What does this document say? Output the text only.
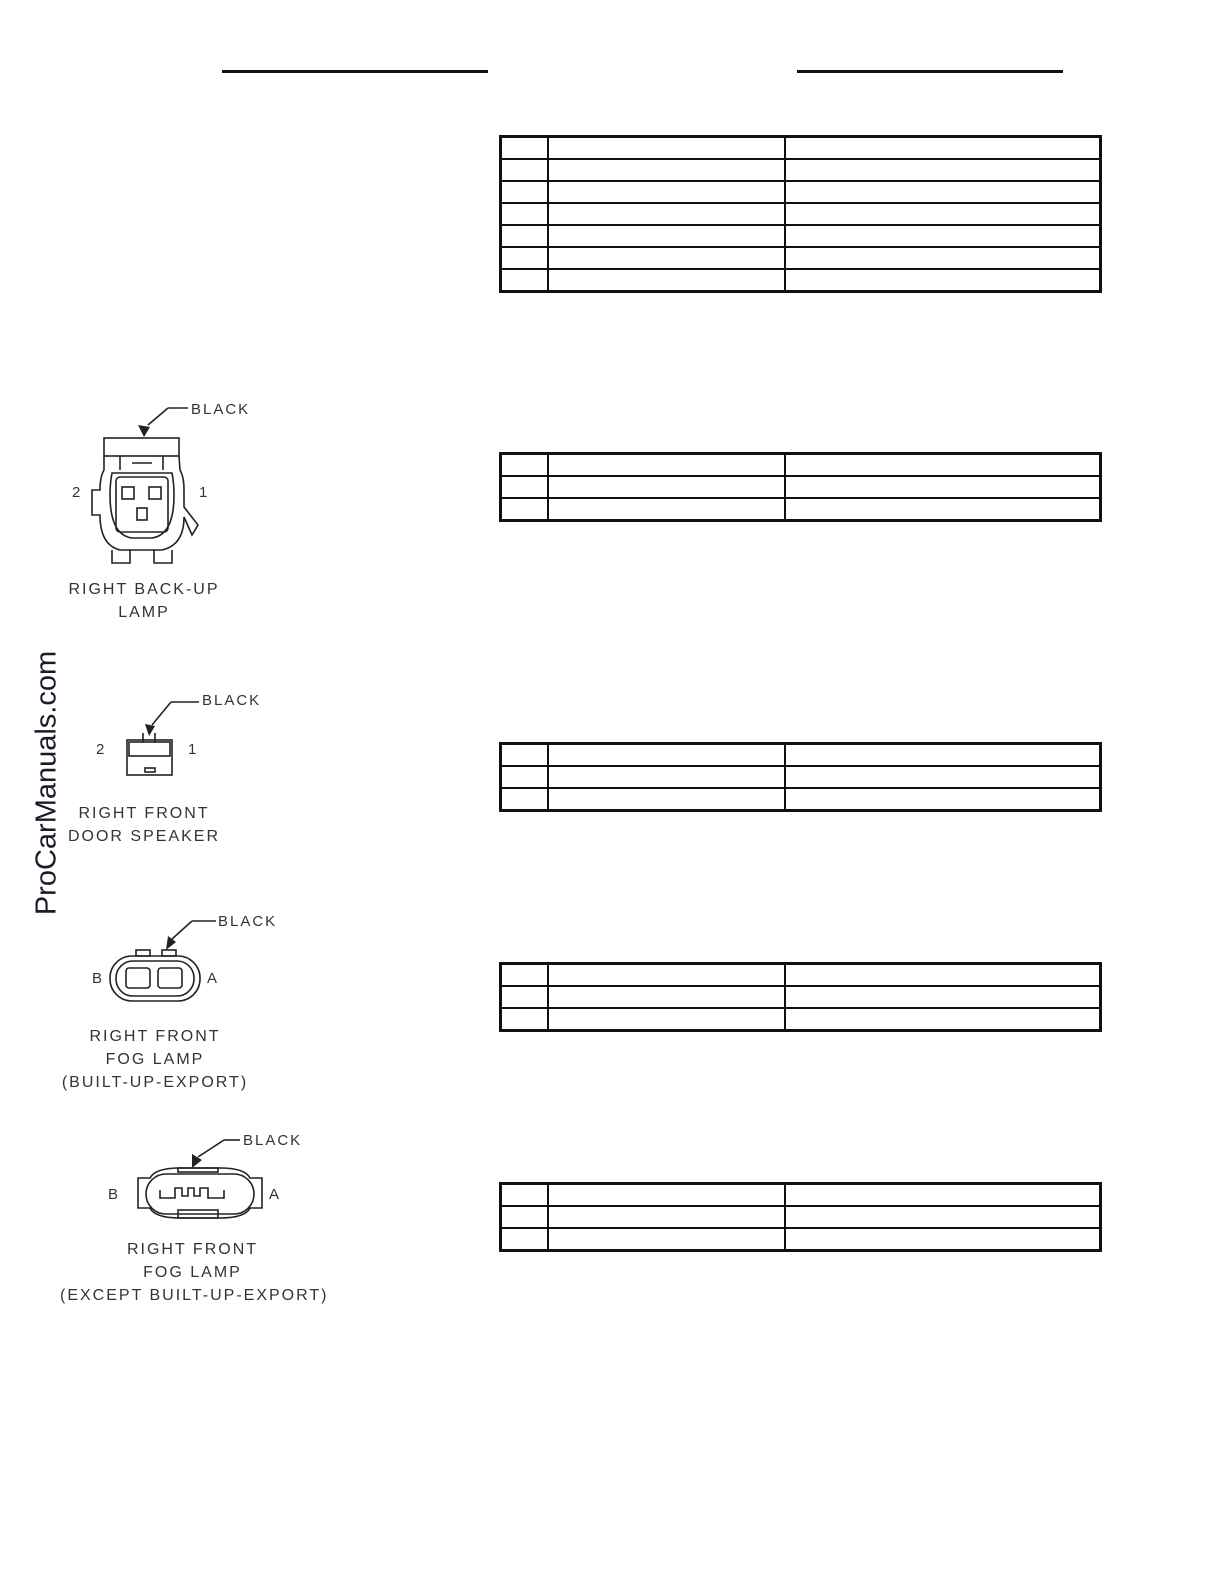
BLACK
2	1
RIGHT BACK-UP
LAMP
BLACK
2	1
RIGHT FRONT
DOOR SPEAKER
BLACK
B	A
RIGHT FRONT
FOG LAMP
(BUILT-UP-EXPORT)
BLACK
B	A
RIGHT FRONT
FOG LAMP
(EXCEPT BUILT-UP-EXPORT)
ProCarManuals.com
